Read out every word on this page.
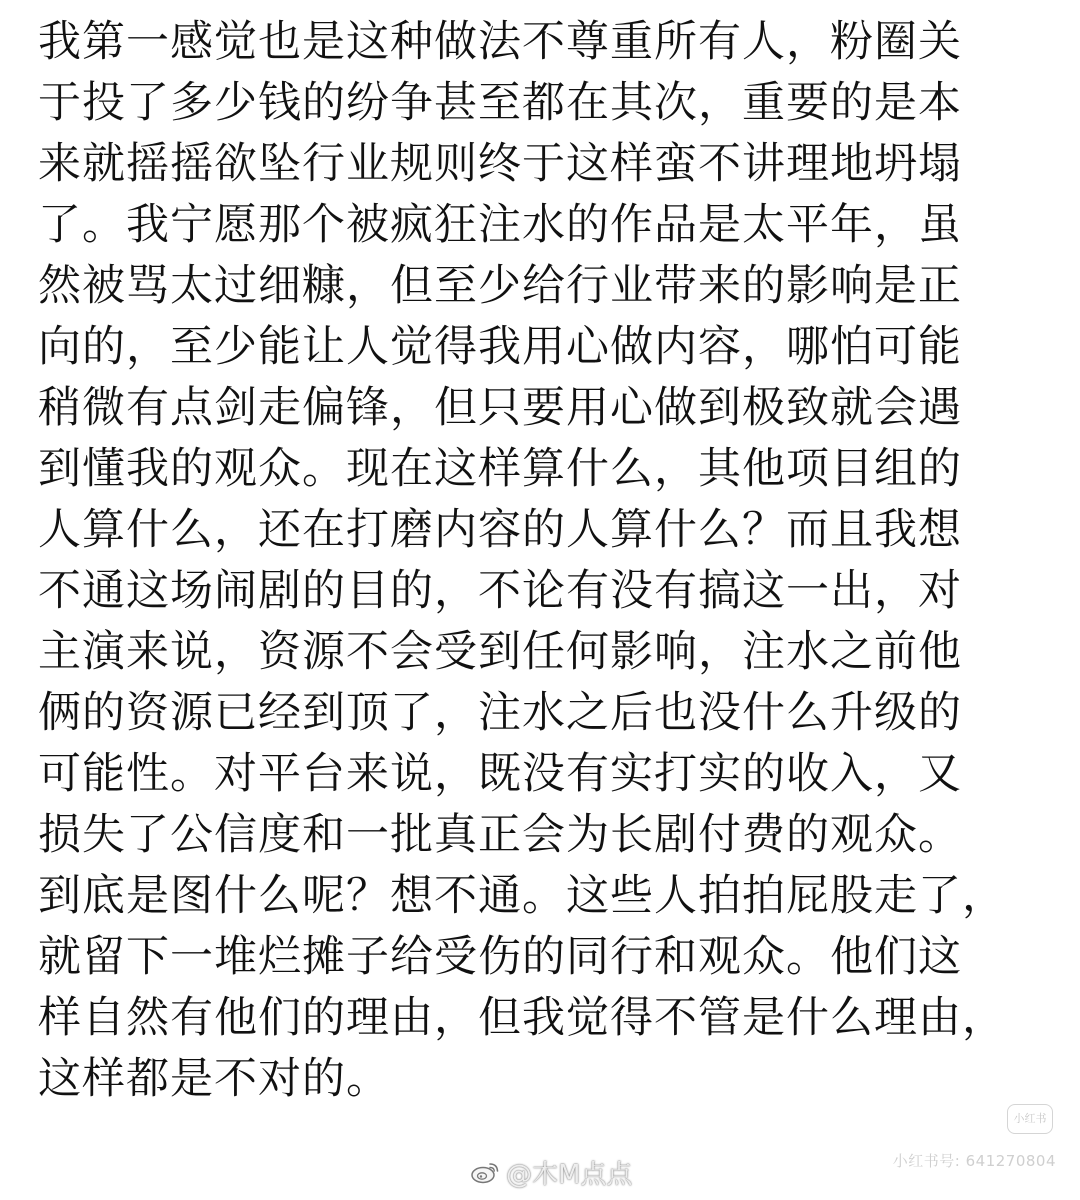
我第一感觉也是这种做法不尊重所有人，粉圈关
于投了多少钱的纷争甚至都在其次，重要的是本
来就摇摇欲坠行业规则终于这样蛮不讲理地坍塌
了。我宁愿那个被疯狂注水的作品是太平年，虽
然被骂太过细糠，但至少给行业带来的影响是正
向的，至少能让人觉得我用心做内容，哪怕可能
稍微有点剑走偏锋，但只要用心做到极致就会遇
到懂我的观众。现在这样算什么，其他项目组的
人算什么，还在打磨内容的人算什么？而且我想
不通这场闹剧的目的，不论有没有搞这一出，对
主演来说，资源不会受到任何影响，注水之前他
俩的资源已经到顶了，注水之后也没什么升级的
可能性。对平台来说，既没有实打实的收入，又
损失了公信度和一批真正会为长剧付费的观众。
到底是图什么呢？想不通。这些人拍拍屁股走了，
就留下一堆烂摊子给受伤的同行和观众。他们这
样自然有他们的理由，但我觉得不管是什么理由，
这样都是不对的。
小红书
小红书号: 641270804
@木M点点
